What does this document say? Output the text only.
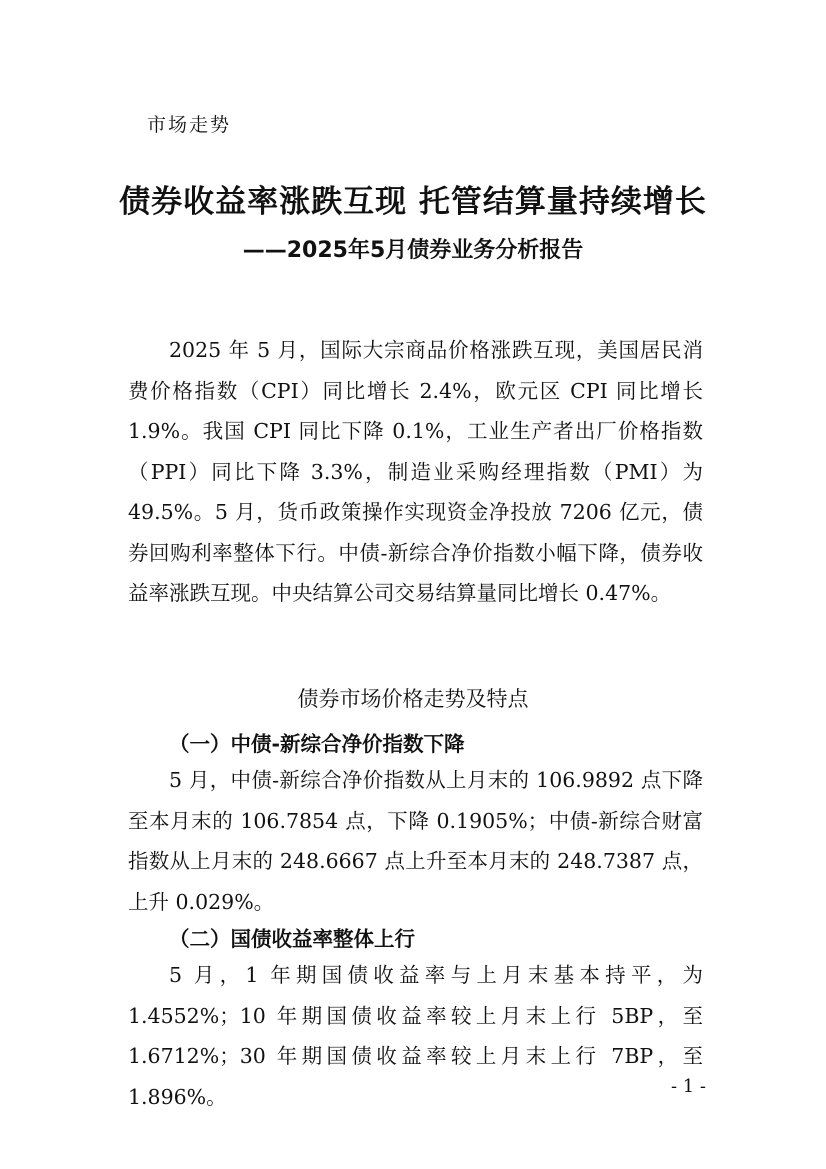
市场走势
债券收益率涨跌互现 托管结算量持续增长
——2025年5月债券业务分析报告

2025 年 5 月，国际大宗商品价格涨跌互现，美国居民消费价格指数（CPI）同比增长 2.4%，欧元区 CPI 同比增长 1.9%。我国 CPI 同比下降 0.1%，工业生产者出厂价格指数（PPI）同比下降 3.3%，制造业采购经理指数（PMI）为 49.5%。5 月，货币政策操作实现资金净投放 7206 亿元，债券回购利率整体下行。中债-新综合净价指数小幅下降，债券收益率涨跌互现。中央结算公司交易结算量同比增长 0.47%。

债券市场价格走势及特点
（一）中债-新综合净价指数下降

5 月，中债-新综合净价指数从上月末的 106.9892 点下降至本月末的 106.7854 点，下降 0.1905%；中债-新综合财富指数从上月末的 248.6667 点上升至本月末的 248.7387 点，上升 0.029%。

（二）国债收益率整体上行

5 月，1 年期国债收益率与上月末基本持平，为 1.4552%；10 年期国债收益率较上月末上行 5BP，至 1.6712%；30 年期国债收益率较上月末上行 7BP，至 1.896%。	- 1 -
